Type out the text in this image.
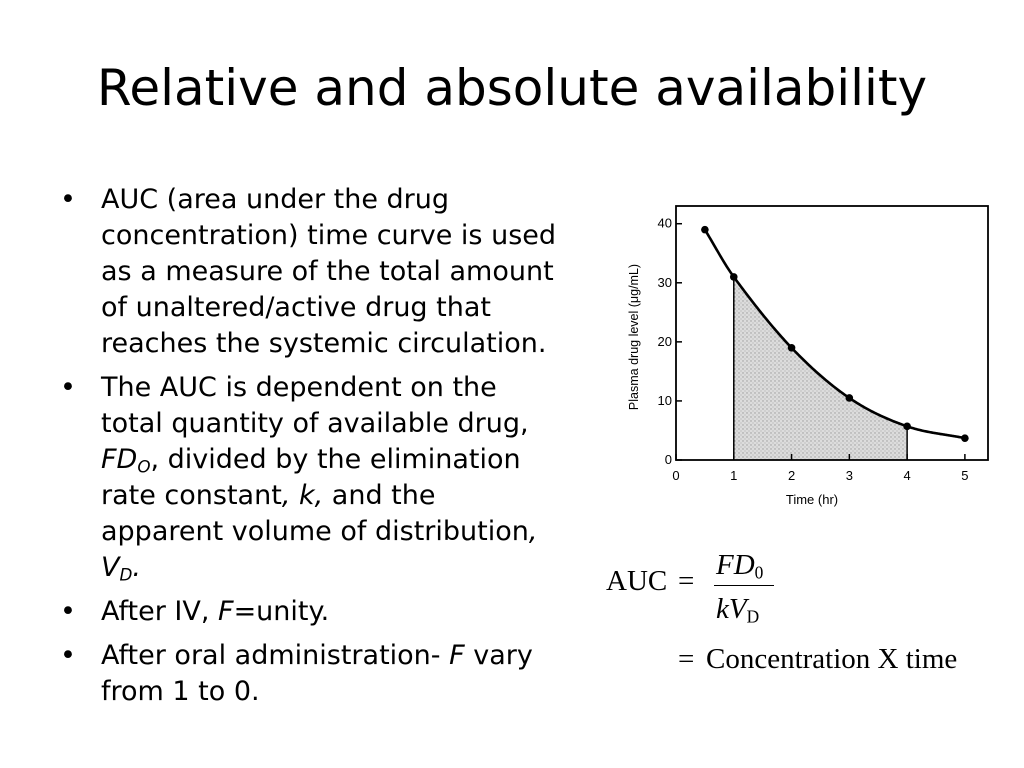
Relative and absolute availability
• AUC (area under the drug concentration) time curve is used as a measure of the total amount of unaltered/active drug that reaches the systemic circulation.
• The AUC is dependent on the total quantity of available drug, $FD_O$, divided by the elimination rate constant, k, and the apparent volume of distribution, $V_D$.
• After IV, F=unity.
• After oral administration- F vary from 1 to 0.
0	1	2	3	4	5
0
10
20
30
40
Time (hr)
Plasma drug level (μg/mL)
AUC = $FD_0$
$kV_D$
= Concentration X time
